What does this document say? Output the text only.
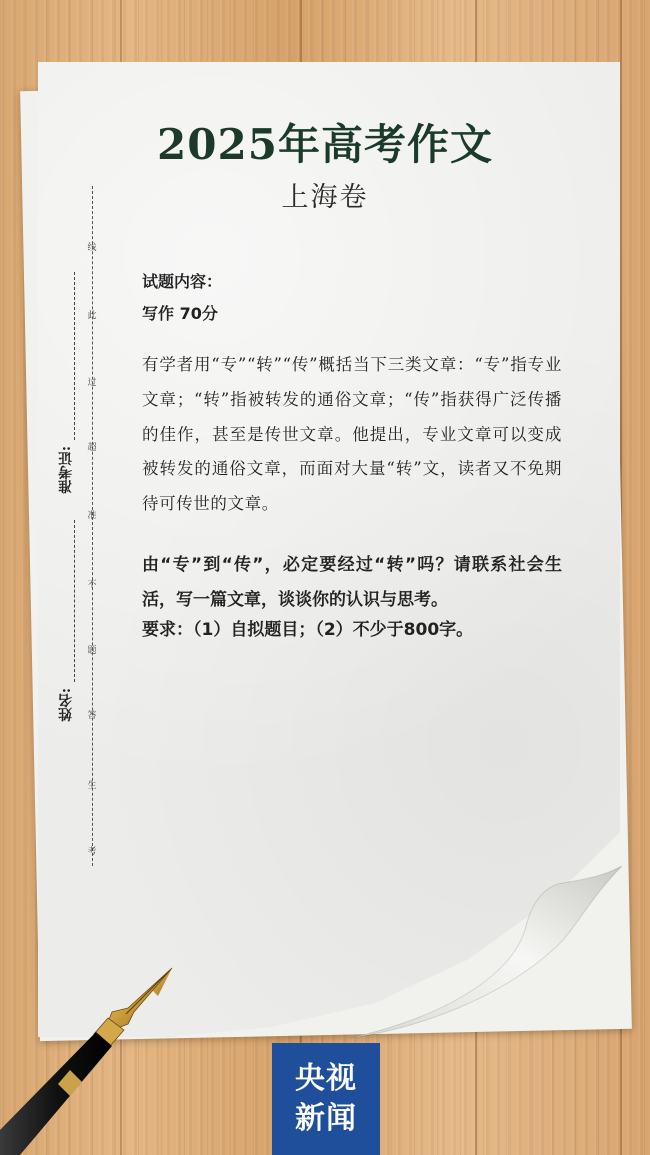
2025年高考作文
上海卷
线
此
过
超
准
不
题
答
生
考
准考证:
姓名:
试题内容：
写作 70分
有学者用“专”“转”“传”概括当下三类文章：“专”指专业文章；“转”指被转发的通俗文章；“传”指获得广泛传播的佳作，甚至是传世文章。他提出，专业文章可以变成被转发的通俗文章，而面对大量“转”文，读者又不免期待可传世的文章。
由“专”到“传”，必定要经过“转”吗？请联系社会生活，写一篇文章，谈谈你的认识与思考。
要求：（1）自拟题目；（2）不少于800字。
央视
新闻
